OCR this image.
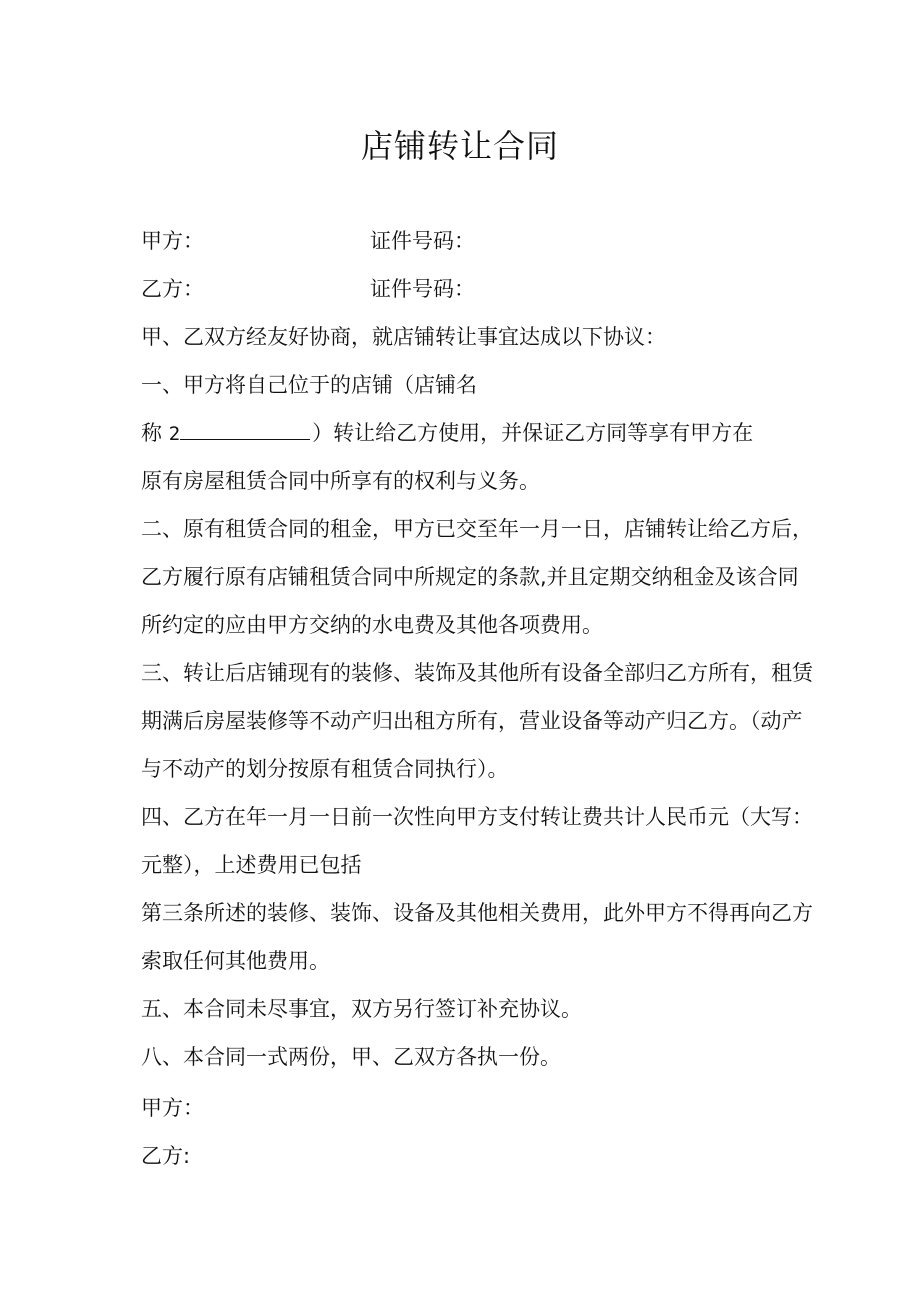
店铺转让合同
甲方：	证件号码：
乙方：	证件号码：
甲、乙双方经友好协商，就店铺转让事宜达成以下协议：
一、甲方将自己位于的店铺（店铺名
称 2	）转让给乙方使用，并保证乙方同等享有甲方在
原有房屋租赁合同中所享有的权利与义务。
二、原有租赁合同的租金，甲方已交至年一月一日，店铺转让给乙方后，
乙方履行原有店铺租赁合同中所规定的条款,并且定期交纳租金及该合同
所约定的应由甲方交纳的水电费及其他各项费用。
三、转让后店铺现有的装修、装饰及其他所有设备全部归乙方所有，租赁
期满后房屋装修等不动产归出租方所有，营业设备等动产归乙方。（动产
与不动产的划分按原有租赁合同执行）。
四、乙方在年一月一日前一次性向甲方支付转让费共计人民币元（大写：
元整），上述费用已包括
第三条所述的装修、装饰、设备及其他相关费用，此外甲方不得再向乙方
索取任何其他费用。
五、本合同未尽事宜，双方另行签订补充协议。
八、本合同一式两份，甲、乙双方各执一份。
甲方：
乙方:
